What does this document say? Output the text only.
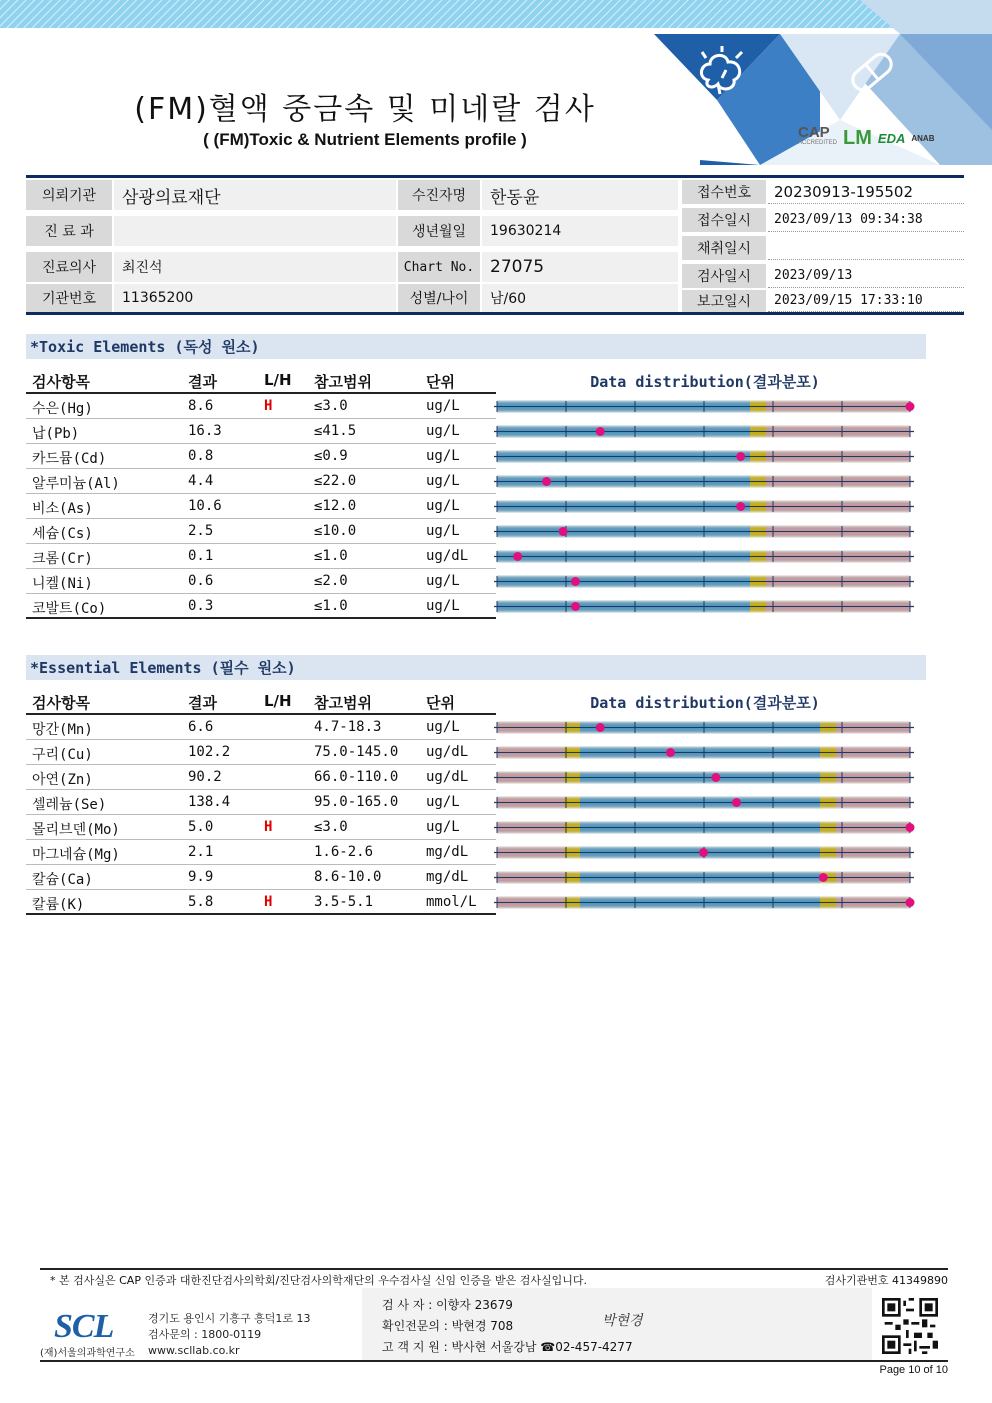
(FM)혈액 중금속 및 미네랄 검사
( (FM)Toxic & Nutrient Elements profile )	CAP
ACCREDITED LM EDA ANAB
의뢰기관	삼광의료재단
진 료 과
진료의사	최진석
기관번호	11365200
수진자명	한동윤
생년월일	19630214
Chart No. 27075
성별/나이	남/60
접수번호	20230913-195502
접수일시	2023/09/13 09:34:38
채취일시
검사일시	2023/09/13
보고일시	2023/09/15 17:33:10
*Toxic Elements (독성 원소)
검사항목	결과	L/H 참고범위	단위	Data distribution(결과분포)
수은(Hg)	8.6	H	≤3.0	ug/L
납(Pb)	16.3	≤41.5	ug/L
카드뮴(Cd)	0.8	≤0.9	ug/L
알루미늄(Al)	4.4	≤22.0	ug/L
비소(As)	10.6	≤12.0	ug/L
세슘(Cs)	2.5	≤10.0	ug/L
크롬(Cr)	0.1	≤1.0	ug/dL
니켈(Ni)	0.6	≤2.0	ug/L
코발트(Co)	0.3	≤1.0	ug/L
*Essential Elements (필수 원소)
검사항목	결과	L/H 참고범위	단위	Data distribution(결과분포)
망간(Mn)	6.6	4.7-18.3	ug/L
구리(Cu)	102.2	75.0-145.0 ug/dL
아연(Zn)	90.2	66.0-110.0 ug/dL
셀레늄(Se)	138.4	95.0-165.0 ug/L
몰리브덴(Mo)	5.0	H	≤3.0	ug/L
마그네슘(Mg)	2.1	1.6-2.6	mg/dL
칼슘(Ca)	9.9	8.6-10.0	mg/dL
칼륨(K)	5.8	H	3.5-5.1	mmol/L
* 본 검사실은 CAP 인증과 대한진단검사의학회/진단검사의학재단의 우수검사실 신임 인증을 받은 검사실입니다.	검사기관번호 41349890
SCL
(재)서울의과학연구소
경기도 용인시 기흥구 흥덕1로 13
검사문의 : 1800-0119
www.scllab.co.kr
검 사 자 : 이향자 23679
확인전문의 : 박현경 708
고 객 지 원 : 박사현 서울강남 ☎02-457-4277
박현경
Page 10 of 10
